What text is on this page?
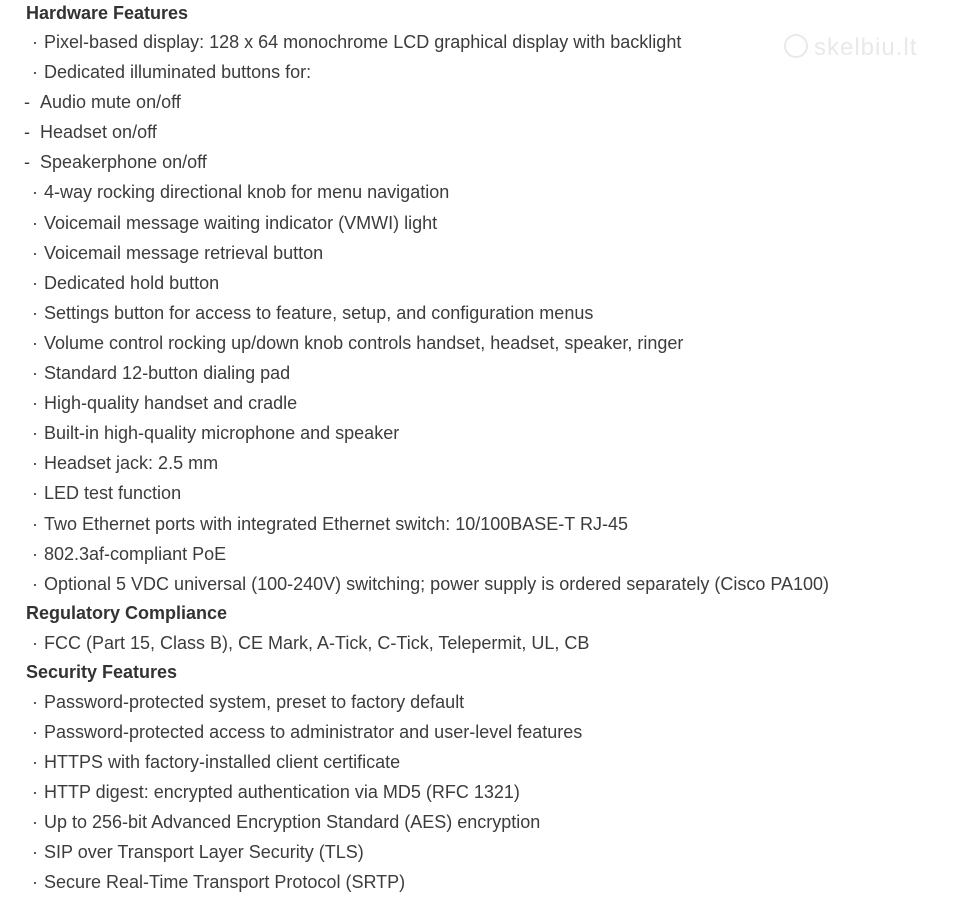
Hardware Features
· Pixel-based display: 128 x 64 monochrome LCD graphical display with backlight
· Dedicated illuminated buttons for:
- Audio mute on/off
- Headset on/off
- Speakerphone on/off
· 4-way rocking directional knob for menu navigation
· Voicemail message waiting indicator (VMWI) light
· Voicemail message retrieval button
· Dedicated hold button
· Settings button for access to feature, setup, and configuration menus
· Volume control rocking up/down knob controls handset, headset, speaker, ringer
· Standard 12-button dialing pad
· High-quality handset and cradle
· Built-in high-quality microphone and speaker
· Headset jack: 2.5 mm
· LED test function
· Two Ethernet ports with integrated Ethernet switch: 10/100BASE-T RJ-45
· 802.3af-compliant PoE
· Optional 5 VDC universal (100-240V) switching; power supply is ordered separately (Cisco PA100)
Regulatory Compliance
· FCC (Part 15, Class B), CE Mark, A-Tick, C-Tick, Telepermit, UL, CB
Security Features
· Password-protected system, preset to factory default
· Password-protected access to administrator and user-level features
· HTTPS with factory-installed client certificate
· HTTP digest: encrypted authentication via MD5 (RFC 1321)
· Up to 256-bit Advanced Encryption Standard (AES) encryption
· SIP over Transport Layer Security (TLS)
· Secure Real-Time Transport Protocol (SRTP)
skelbiu.lt
